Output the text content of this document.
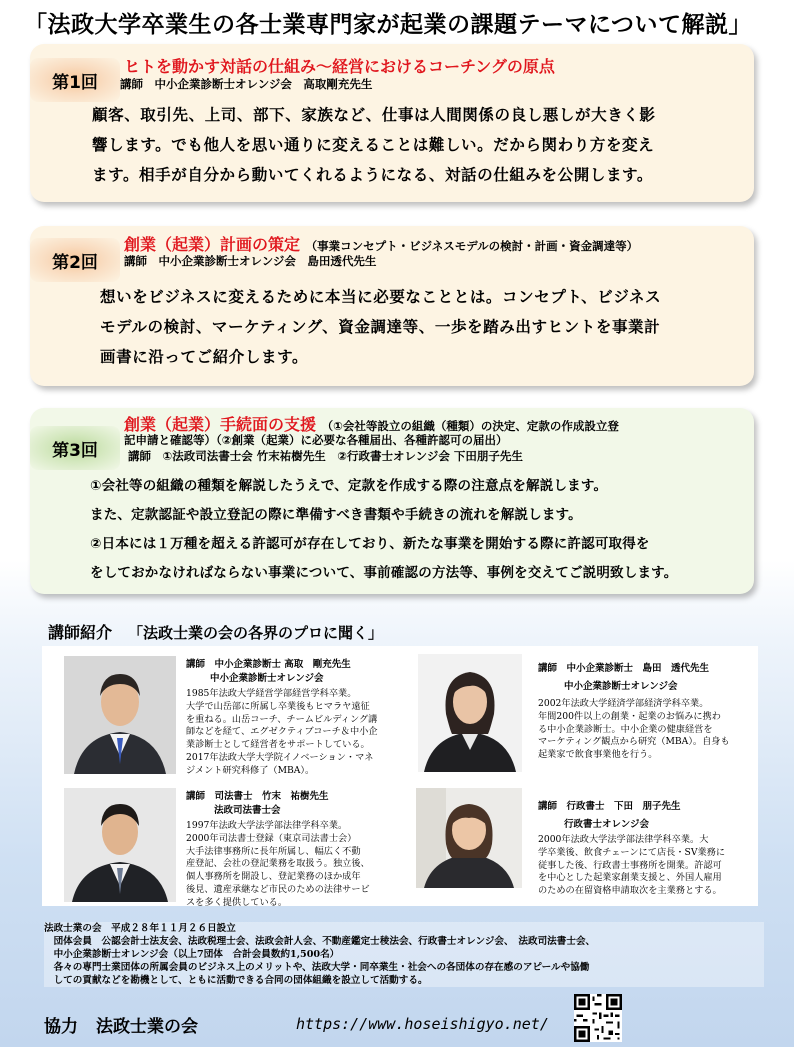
「法政大学卒業生の各士業専門家が起業の課題テーマについて解説」
第1回
ヒトを動かす対話の仕組み～経営におけるコーチングの原点
講師　中小企業診断士オレンジ会　高取剛充先生
顧客、取引先、上司、部下、家族など、仕事は人間関係の良し悪しが大きく影
響します。でも他人を思い通りに変えることは難しい。だから関わり方を変え
ます。相手が自分から動いてくれるようになる、対話の仕組みを公開します。
第2回
創業（起業）計画の策定 （事業コンセプト・ビジネスモデルの検討・計画・資金調達等）
講師　中小企業診断士オレンジ会　島田透代先生
想いをビジネスに変えるために本当に必要なこととは。コンセプト、ビジネス
モデルの検討、マーケティング、資金調達等、一歩を踏み出すヒントを事業計
画書に沿ってご紹介します。
第3回
創業（起業）手続面の支援 （①会社等設立の組織（種類）の決定、定款の作成設立登
記申請と確認等）（②創業（起業）に必要な各種届出、各種許認可の届出）
講師　①法政司法書士会 竹末祐樹先生　②行政書士オレンジ会 下田朋子先生
①会社等の組織の種類を解説したうえで、定款を作成する際の注意点を解説します。
また、定款認証や設立登記の際に準備すべき書類や手続きの流れを解説します。
②日本には１万種を超える許認可が存在しており、新たな事業を開始する際に許認可取得を
をしておかなければならない事業について、事前確認の方法等、事例を交えてご説明致します。
講師紹介 「法政士業の会の各界のプロに聞く」
講師　中小企業診断士 高取　剛充先生
中小企業診断士オレンジ会
1985年法政大学経営学部経営学科卒業。
大学で山岳部に所属し卒業後もヒマラヤ遠征
を重ねる。山岳コーチ、チームビルディング講
師などを経て、エグゼクティブコーチ＆中小企
業診断士として経営者をサポートしている。
2017年法政大学大学院イノベーション・マネ
ジメント研究科修了（MBA）。
講師　中小企業診断士　島田　透代先生
中小企業診断士オレンジ会
2002年法政大学経済学部経済学科卒業。
年間200件以上の創業・起業のお悩みに携わ
る中小企業診断士。中小企業の健康経営を
マーケティング観点から研究（MBA）。自身も
起業家で飲食事業他を行う。
講師　司法書士　竹末　祐樹先生
法政司法書士会
1997年法政大学法学部法律学科卒業。
2000年司法書士登録（東京司法書士会）
大手法律事務所に長年所属し、幅広く不動
産登記、会社の登記業務を取扱う。独立後、
個人事務所を開設し、登記業務のほか成年
後見、遺産承継など市民のための法律サービ
スを多く提供している。
講師　行政書士　下田　朋子先生
行政書士オレンジ会
2000年法政大学法学部法律学科卒業。大
学卒業後、飲食チェーンにて店長・SV業務に
従事した後、行政書士事務所を開業。許認可
を中心とした起業家創業支援と、外国人雇用
のための在留資格申請取次を主業務とする。
法政士業の会　平成２８年１１月２６日設立
　団体会員　公認会計士法友会、法政税理士会、法政会計人会、不動産鑑定士稜法会、行政書士オレンジ会、　法政司法書士会、
　中小企業診断士オレンジ会（以上7団体　合計会員数約1,500名）
　各々の専門士業団体の所属会員のビジネス上のメリットや、法政大学・同卒業生・社会への各団体の存在感のアピールや協働
　しての貢献などを勘機として、ともに活動できる合同の団体組織を設立して活動する。
協力 法政士業の会	https://www.hoseishigyo.net/
